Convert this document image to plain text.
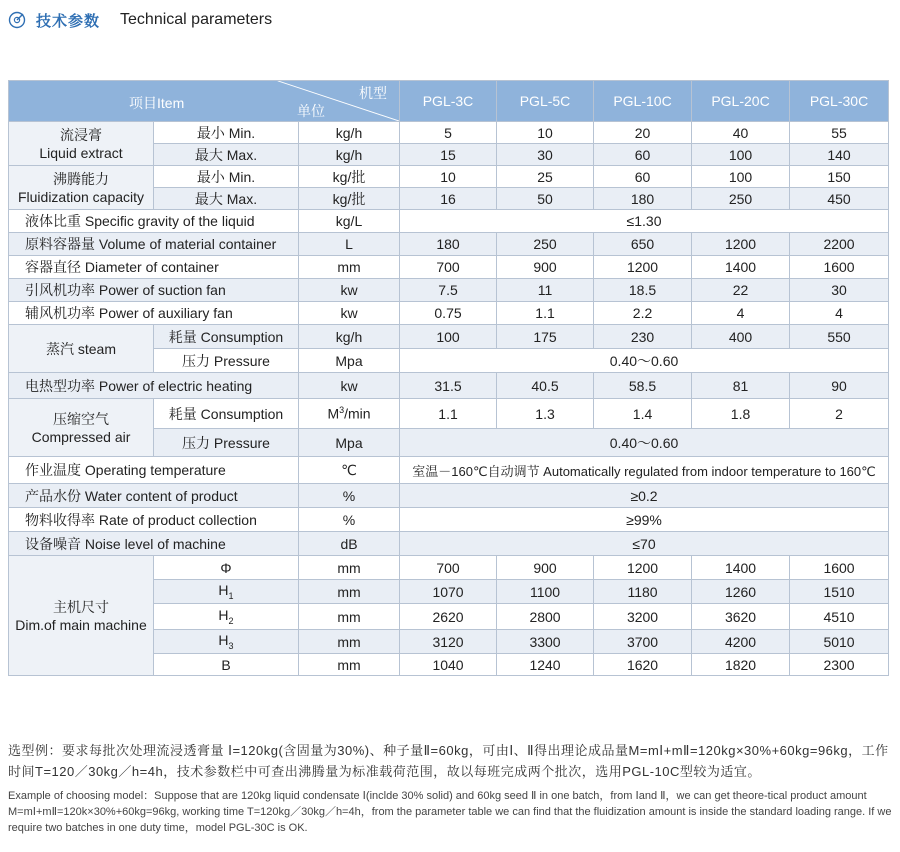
技术参数 Technical parameters
项目Item
机型
单位			PGL-3C	PGL-5C	PGL-10C	PGL-20C	PGL-30C

流浸膏
Liquid extract	最小 Min.	kg/h	5	10	20	40	55
	最大 Max.	kg/h	15	30	60	100	140

沸腾能力
Fluidization capacity	最小 Min.	kg/批	10	25	60	100	150
	最大 Max.	kg/批	16	50	180	250	450
液体比重 Specific gravity of the liquid		kg/L	≤1.30				
原料容器量 Volume of material container		L	180	250	650	1200	2200
容器直径 Diameter of container		mm	700	900	1200	1400	1600
引风机功率 Power of suction fan		kw	7.5	11	18.5	22	30
辅风机功率 Power of auxiliary fan		kw	0.75	1.1	2.2	4	4
蒸汽 steam	耗量 Consumption	kg/h	100	175	230	400	550
	压力 Pressure	Mpa	0.40～0.60				
电热型功率 Power of electric heating		kw	31.5	40.5	58.5	81	90

压缩空气
Compressed air	耗量 Consumption	$M^3/\min$	1.1	1.3	1.4	1.8	2
	压力 Pressure	Mpa	0.40～0.60				
作业温度 Operating temperature		℃	室温－160℃自动调节 Automatically regulated from indoor temperature to 160℃				
产品水份 Water content of product		%	≥0.2				
物料收得率 Rate of product collection		%	≥99%				
设备噪音 Noise level of machine		dB	≤70				

主机尺寸
Dim.of main machine	Φ	mm	700	900	1200	1400	1600
	$H_1$	mm	1070	1100	1180	1260	1510
	$H_2$	mm	2620	2800	3200	3620	4510
	$H_3$	mm	3120	3300	3700	4200	5010
	B	mm	1040	1240	1620	1820	2300
选型例：要求每批次处理流浸透膏量 Ⅰ=120kg(含固量为30%)、种子量Ⅱ=60kg，可由Ⅰ、Ⅱ得出理论成品量M=mⅠ+mⅡ=120kg×30%+60kg=96kg，工作时间T=120／30kg／h=4h，技术参数栏中可查出沸腾量为标准载荷范围，故以每班完成两个批次，选用PGL-10C型较为适宜。
Example of choosing model：Suppose that are 120kg liquid condensate Ⅰ(inclde 30% solid) and 60kg seed Ⅱ in one batch，from Ⅰand Ⅱ，we can get theore-tical product amount M=mⅠ+mⅡ=120k×30%+60kg=96kg, working time T=120kg／30kg／h=4h，from the parameter table we can find that the fluidization amount is inside the standard loading range. If we require two batches in one duty time，model PGL-30C is OK.
